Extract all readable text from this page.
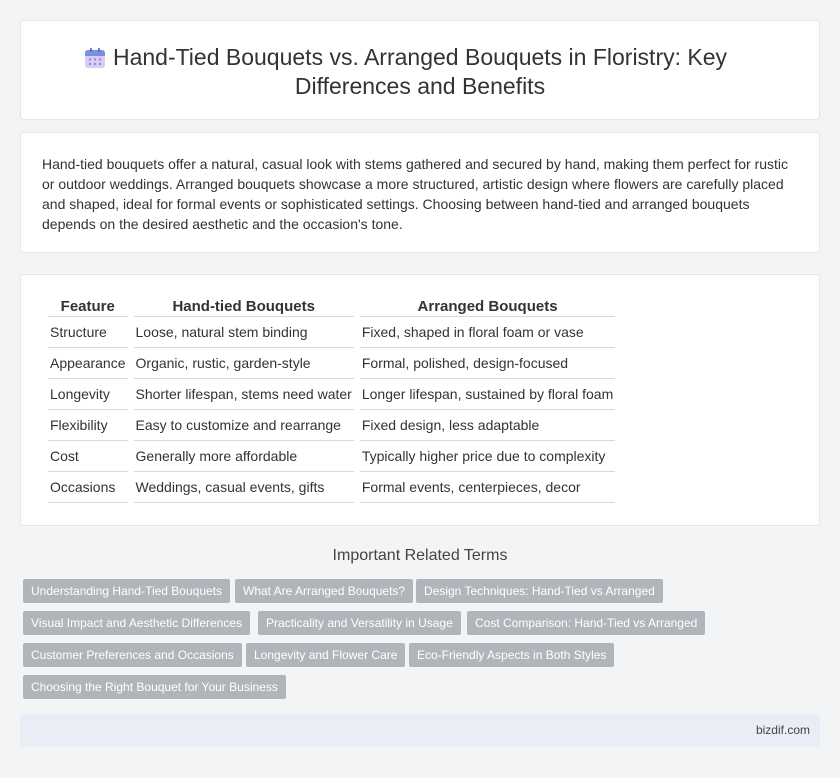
Hand-Tied Bouquets vs. Arranged Bouquets in Floristry: Key Differences and Benefits

Hand-tied bouquets offer a natural, casual look with stems gathered and secured by hand, making them perfect for rustic or outdoor weddings. Arranged bouquets showcase a more structured, artistic design where flowers are carefully placed and shaped, ideal for formal events or sophisticated settings. Choosing between hand-tied and arranged bouquets depends on the desired aesthetic and the occasion's tone.

Feature	Hand-tied Bouquets	Arranged Bouquets
Structure	Loose, natural stem binding	Fixed, shaped in floral foam or vase
Appearance	Organic, rustic, garden-style	Formal, polished, design-focused
Longevity	Shorter lifespan, stems need water	Longer lifespan, sustained by floral foam
Flexibility	Easy to customize and rearrange	Fixed design, less adaptable
Cost	Generally more affordable	Typically higher price due to complexity
Occasions	Weddings, casual events, gifts	Formal events, centerpieces, decor
Important Related Terms
Understanding Hand-Tied Bouquets	What Are Arranged Bouquets?	Design Techniques: Hand-Tied vs Arranged
Visual Impact and Aesthetic Differences	Practicality and Versatility in Usage	Cost Comparison: Hand-Tied vs Arranged
Customer Preferences and Occasions	Longevity and Flower Care	Eco-Friendly Aspects in Both Styles
Choosing the Right Bouquet for Your Business
bizdif.com
